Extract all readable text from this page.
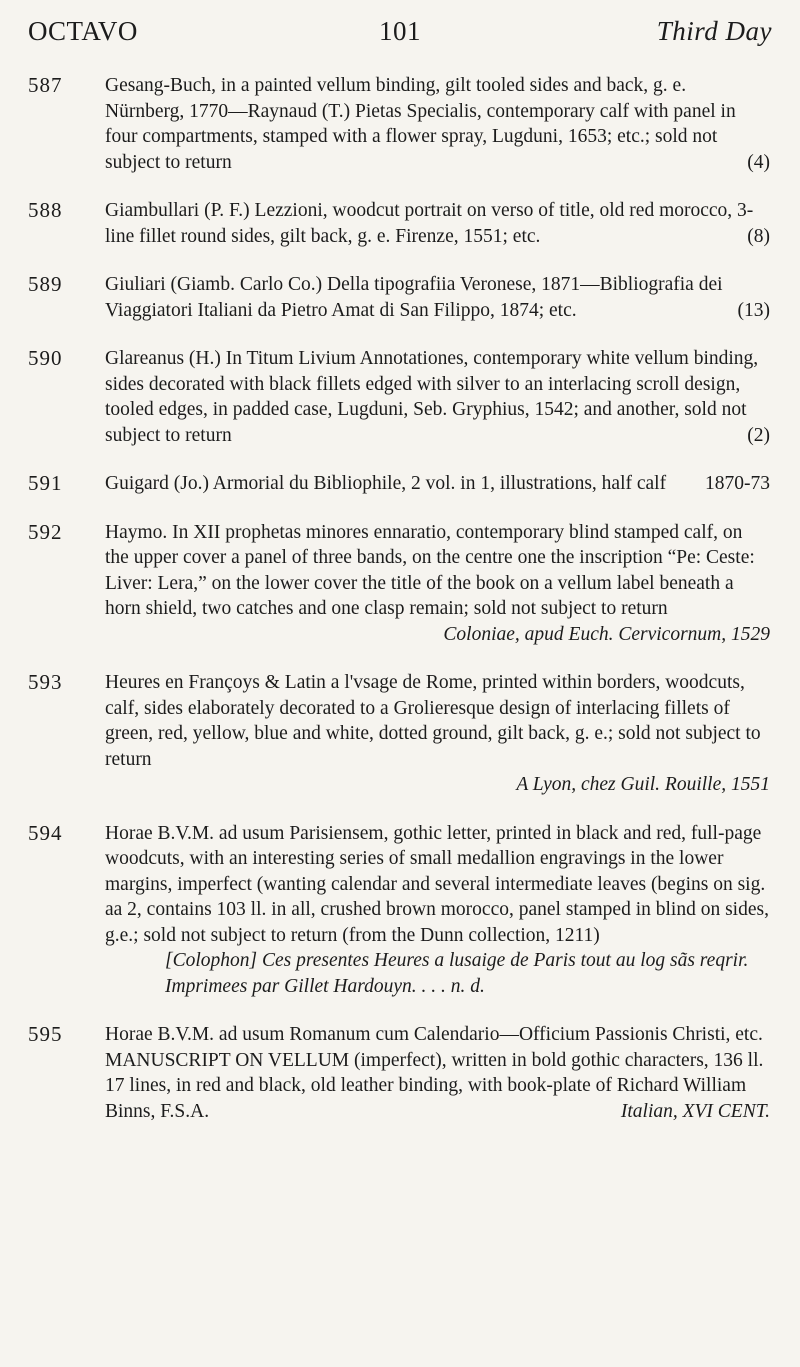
OCTAVO	101	Third Day
587 Gesang-Buch, in a painted vellum binding, gilt tooled sides and back, g. e. Nürnberg, 1770—Raynaud (T.) Pietas Specialis, contemporary calf with panel in four compartments, stamped with a flower spray, Lugduni, 1653; etc.; sold not subject to return	(4)
588 Giambullari (P. F.) Lezzioni, woodcut portrait on verso of title, old red morocco, 3-line fillet round sides, gilt back, g. e. Firenze, 1551; etc.	(8)
589 Giuliari (Giamb. Carlo Co.) Della tipografiia Veronese, 1871—Bibliografia dei Viaggiatori Italiani da Pietro Amat di San Filippo, 1874; etc.	(13)
590 Glareanus (H.) In Titum Livium Annotationes, contemporary white vellum binding, sides decorated with black fillets edged with silver to an interlacing scroll design, tooled edges, in padded case, Lugduni, Seb. Gryphius, 1542; and another, sold not subject to return	(2)
591 Guigard (Jo.) Armorial du Bibliophile, 2 vol. in 1, illustrations, half calf 1870-73
592 Haymo. In XII prophetas minores ennaratio, contemporary blind stamped calf, on the upper cover a panel of three bands, on the centre one the inscription “Pe: Ceste: Liver: Lera,” on the lower cover the title of the book on a vellum label beneath a horn shield, two catches and one clasp remain; sold not subject to return
Coloniae, apud Euch. Cervicornum, 1529
593 Heures en Françoys & Latin a l'vsage de Rome, printed within borders, woodcuts, calf, sides elaborately decorated to a Grolieresque design of interlacing fillets of green, red, yellow, blue and white, dotted ground, gilt back, g. e.; sold not subject to return
A Lyon, chez Guil. Rouille, 1551
594 Horae B.V.M. ad usum Parisiensem, gothic letter, printed in black and red, full-page woodcuts, with an interesting series of small medallion engravings in the lower margins, imperfect (wanting calendar and several intermediate leaves (begins on sig. aa 2, contains 103 ll. in all, crushed brown morocco, panel stamped in blind on sides, g.e.; sold not subject to return (from the Dunn collection, 1211)
[Colophon] Ces presentes Heures a lusaige de Paris tout au log sãs reqrir. Imprimees par Gillet Hardouyn. . . . n. d.
595 Horae B.V.M. ad usum Romanum cum Calendario—Officium Passionis Christi, etc. MANUSCRIPT ON VELLUM (imperfect), written in bold gothic characters, 136 ll. 17 lines, in red and black, old leather binding, with book-plate of Richard William Binns, F.S.A.	Italian, XVI CENT.
